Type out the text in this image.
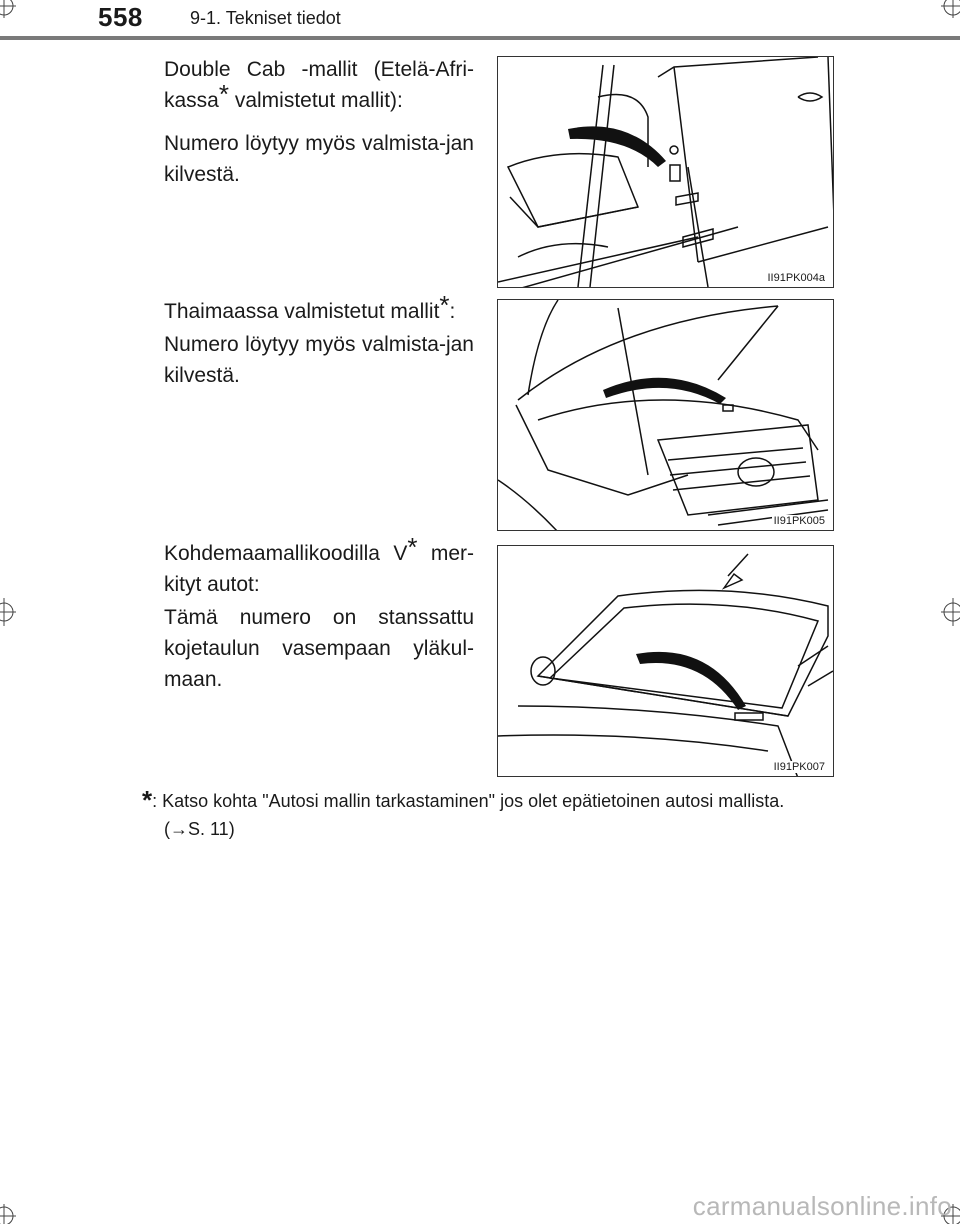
558	9-1. Tekniset tiedot

Double Cab -mallit (Etelä-Afri-kassa* valmistetut mallit):

Numero löytyy myös valmista-jan kilvestä.

II91PK004a

Thaimaassa valmistetut mallit*:

Numero löytyy myös valmista-jan kilvestä.

II91PK005

Kohdemaamallikoodilla V* mer-kityt autot:

Tämä numero on stanssattu kojetaulun vasempaan yläkul-maan.

II91PK007
*: Katso kohta "Autosi mallin tarkastaminen" jos olet epätietoinen autosi mallista.
(→S. 11)
carmanualsonline.info
